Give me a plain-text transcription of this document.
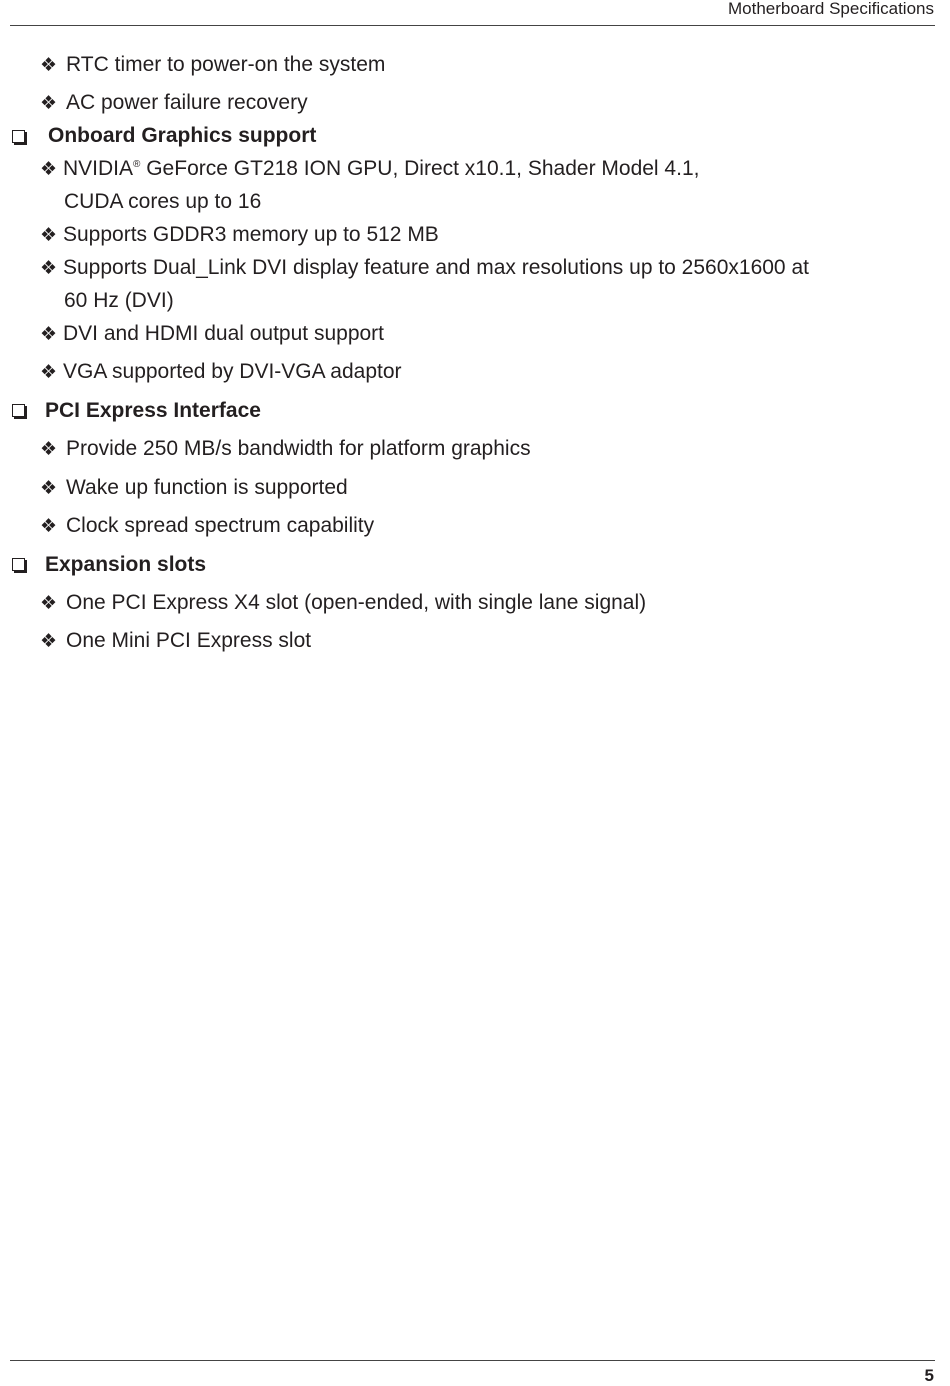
Motherboard Specifications
❖ RTC timer to power-on the system
❖ AC power failure recovery
Onboard Graphics support
❖ NVIDIA® GeForce GT218 ION GPU, Direct x10.1, Shader Model 4.1,
CUDA cores up to 16
❖ Supports GDDR3 memory up to 512 MB
❖ Supports Dual_Link DVI display feature and max resolutions up to 2560x1600 at
60 Hz (DVI)
❖ DVI and HDMI dual output support
❖ VGA supported by DVI-VGA adaptor
PCI Express Interface
❖ Provide 250 MB/s bandwidth for platform graphics
❖ Wake up function is supported
❖ Clock spread spectrum capability
Expansion slots
❖ One PCI Express X4 slot (open-ended, with single lane signal)
❖ One Mini PCI Express slot
5
